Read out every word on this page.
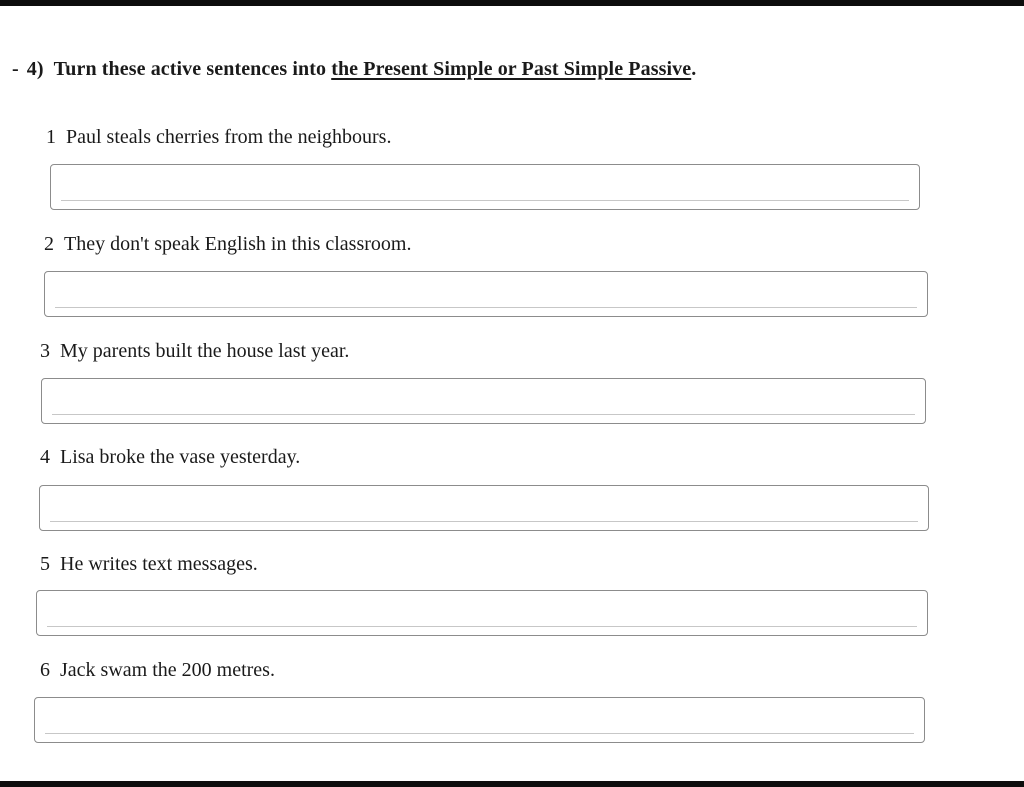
- 4) Turn these active sentences into the Present Simple or Past Simple Passive.
1 Paul steals cherries from the neighbours.
2 They don't speak English in this classroom.
3 My parents built the house last year.
4 Lisa broke the vase yesterday.
5 He writes text messages.
6 Jack swam the 200 metres.
